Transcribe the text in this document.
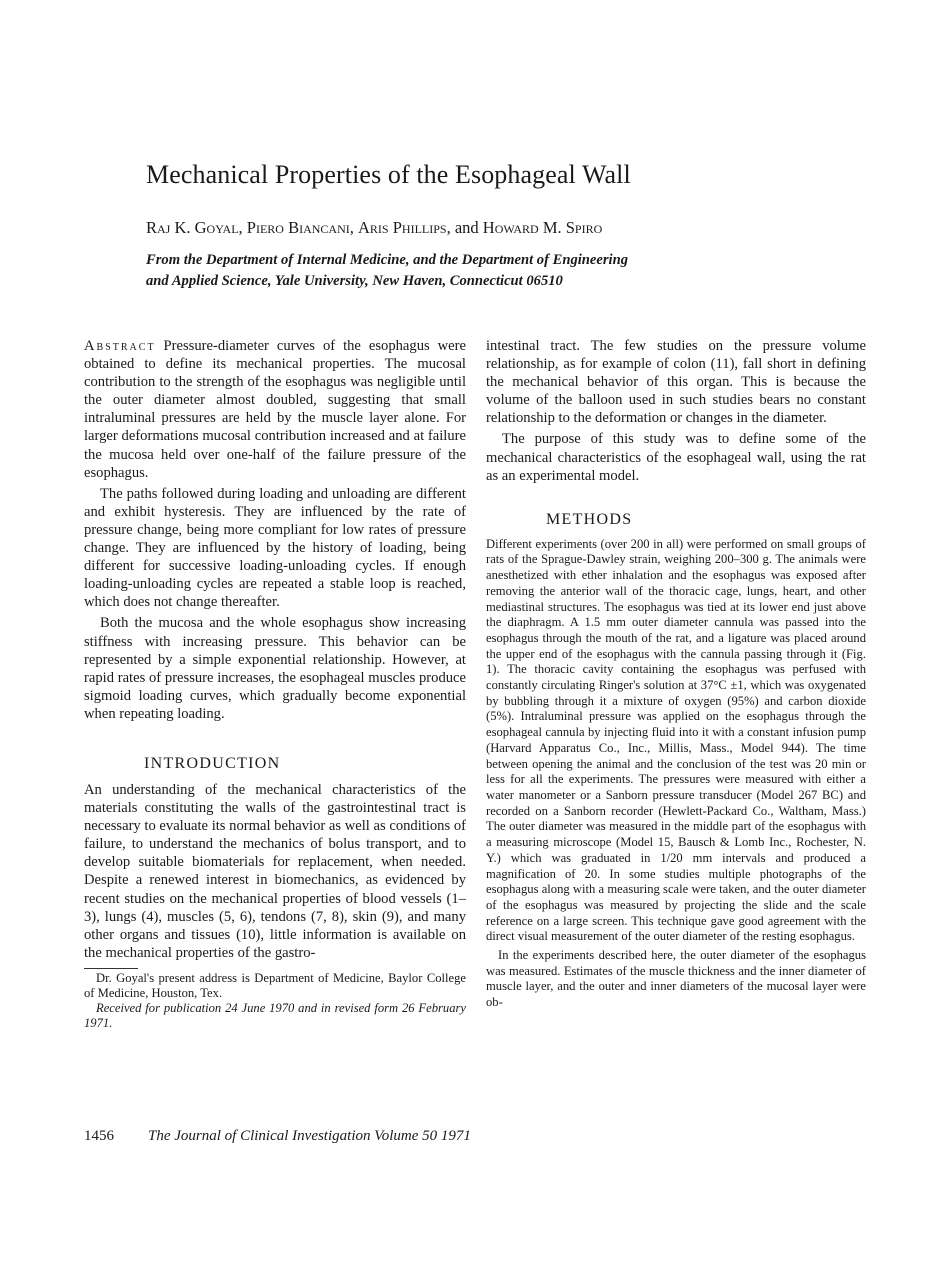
Mechanical Properties of the Esophageal Wall
Raj K. Goyal, Piero Biancani, Aris Phillips, and Howard M. Spiro
From the Department of Internal Medicine, and the Department of Engineering
and Applied Science, Yale University, New Haven, Connecticut 06510

Abstract Pressure-diameter curves of the esophagus were obtained to define its mechanical properties. The mucosal contribution to the strength of the esophagus was negligible until the outer diameter almost doubled, suggesting that small intraluminal pressures are held by the muscle layer alone. For larger deformations mucosal contribution increased and at failure the mucosa held over one-half of the failure pressure of the esophagus.

The paths followed during loading and unloading are different and exhibit hysteresis. They are influenced by the rate of pressure change, being more compliant for low rates of pressure change. They are influenced by the history of loading, being different for successive loading-unloading cycles. If enough loading-unloading cycles are repeated a stable loop is reached, which does not change thereafter.

Both the mucosa and the whole esophagus show increasing stiffness with increasing pressure. This behavior can be represented by a simple exponential relationship. However, at rapid rates of pressure increases, the esophageal muscles produce sigmoid loading curves, which gradually become exponential when repeating loading.

INTRODUCTION

An understanding of the mechanical characteristics of the materials constituting the walls of the gastrointestinal tract is necessary to evaluate its normal behavior as well as conditions of failure, to understand the mechanics of bolus transport, and to develop suitable biomaterials for replacement, when needed. Despite a renewed interest in biomechanics, as evidenced by recent studies on the mechanical properties of blood vessels (1–3), lungs (4), muscles (5, 6), tendons (7, 8), skin (9), and many other organs and tissues (10), little information is available on the mechanical properties of the gastro-

Dr. Goyal's present address is Department of Medicine, Baylor College of Medicine, Houston, Tex.

Received for publication 24 June 1970 and in revised form 26 February 1971.

intestinal tract. The few studies on the pressure volume relationship, as for example of colon (11), fall short in defining the mechanical behavior of this organ. This is because the volume of the balloon used in such studies bears no constant relationship to the deformation or changes in the diameter.

The purpose of this study was to define some of the mechanical characteristics of the esophageal wall, using the rat as an experimental model.

METHODS

Different experiments (over 200 in all) were performed on small groups of rats of the Sprague-Dawley strain, weighing 200–300 g. The animals were anesthetized with ether inhalation and the esophagus was exposed after removing the anterior wall of the thoracic cage, lungs, heart, and other mediastinal structures. The esophagus was tied at its lower end just above the diaphragm. A 1.5 mm outer diameter cannula was passed into the esophagus through the mouth of the rat, and a ligature was placed around the upper end of the esophagus with the cannula passing through it (Fig. 1). The thoracic cavity containing the esophagus was perfused with constantly circulating Ringer's solution at 37°C ±1, which was oxygenated by bubbling through it a mixture of oxygen (95%) and carbon dioxide (5%). Intraluminal pressure was applied on the esophagus through the esophageal cannula by injecting fluid into it with a constant infusion pump (Harvard Apparatus Co., Inc., Millis, Mass., Model 944). The time between opening the animal and the conclusion of the test was 20 min or less for all the experiments. The pressures were measured with either a water manometer or a Sanborn pressure transducer (Model 267 BC) and recorded on a Sanborn recorder (Hewlett-Packard Co., Waltham, Mass.) The outer diameter was measured in the middle part of the esophagus with a measuring microscope (Model 15, Bausch & Lomb Inc., Rochester, N. Y.) which was graduated in 1/20 mm intervals and produced a magnification of 20. In some studies multiple photographs of the esophagus along with a measuring scale were taken, and the outer diameter of the esophagus was measured by projecting the slide and the scale reference on a large screen. This technique gave good agreement with the direct visual measurement of the outer diameter of the resting esophagus.

In the experiments described here, the outer diameter of the esophagus was measured. Estimates of the muscle thickness and the inner diameter of muscle layer, and the outer and inner diameters of the mucosal layer were ob-

1456 The Journal of Clinical Investigation Volume 50 1971
